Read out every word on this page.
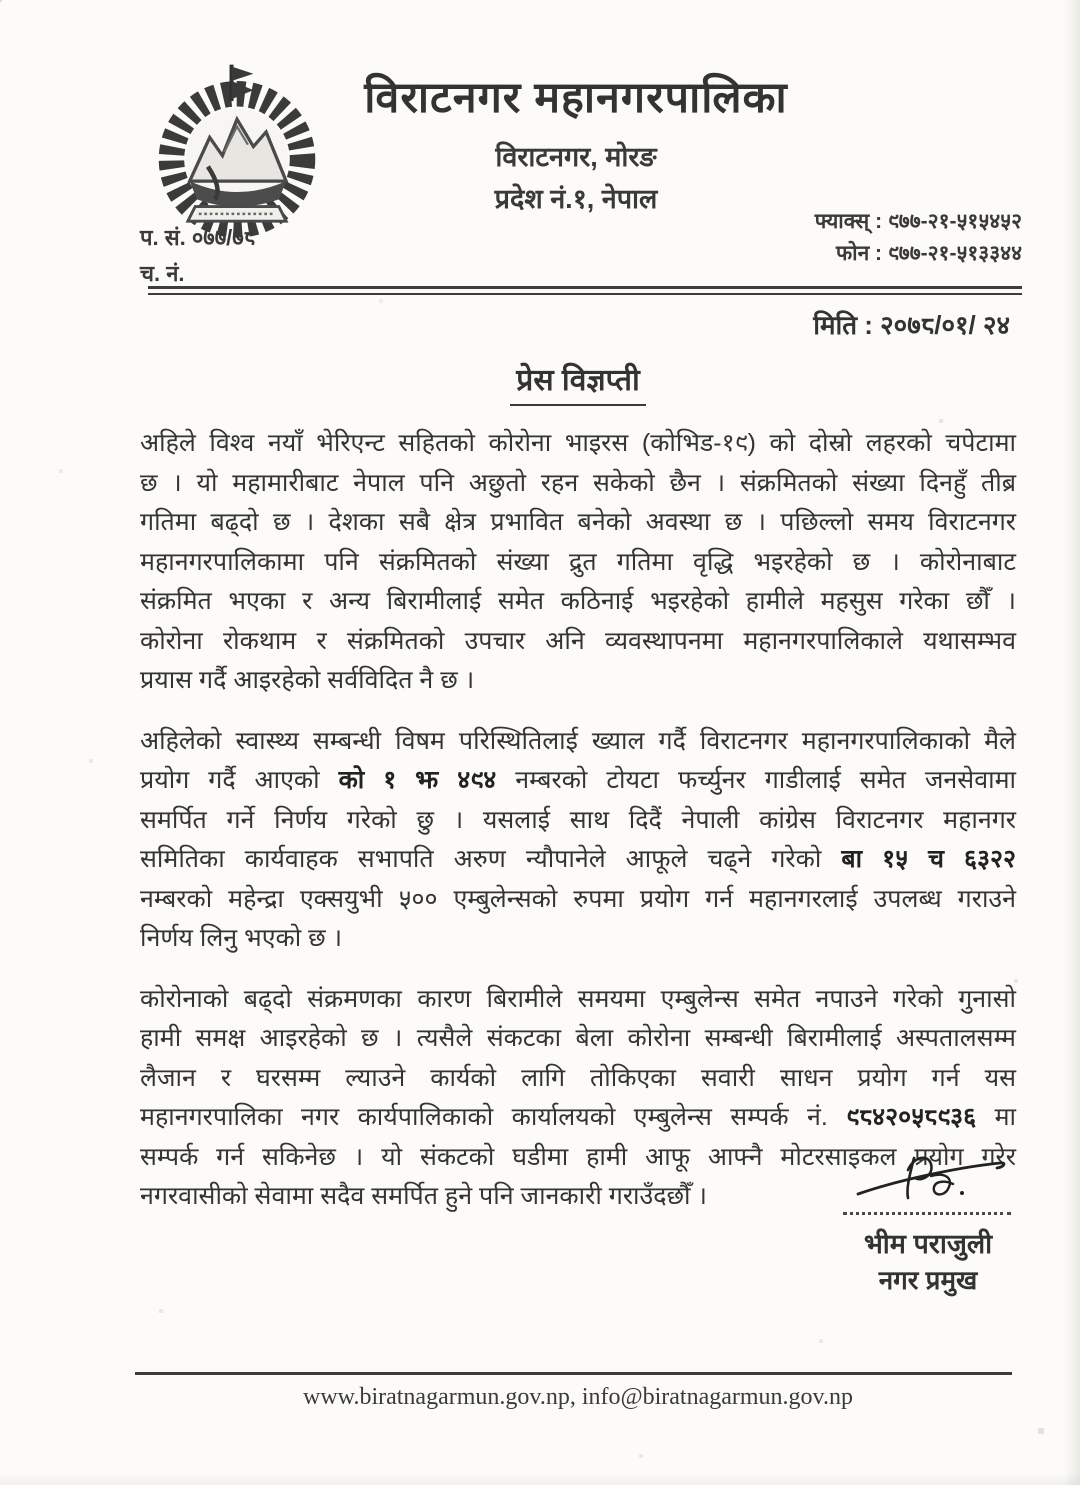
विराटनगर महानगरपालिका
विराटनगर, मोरङ
प्रदेश नं.१, नेपाल
प. सं. ०७७/७८
च. नं.
फ्याक्स् : ९७७-२१-५१५४५२
फोन : ९७७-२१-५१३३४४
मिति : २०७८/०१/ २४
प्रेस विज्ञप्ती
अहिले विश्व नयाँ भेरिएन्ट सहितको कोरोना भाइरस (कोभिड-१९) को दोस्रो लहरको चपेटामा
छ । यो महामारीबाट नेपाल पनि अछुतो रहन सकेको छैन । संक्रमितको संख्या दिनहुँ तीब्र
गतिमा बढ्दो छ । देशका सबै क्षेत्र प्रभावित बनेको अवस्था छ । पछिल्लो समय विराटनगर
महानगरपालिकामा पनि संक्रमितको संख्या द्रुत गतिमा वृद्धि भइरहेको छ । कोरोनाबाट
संक्रमित भएका र अन्य बिरामीलाई समेत कठिनाई भइरहेको हामीले महसुस गरेका छौँ ।
कोरोना रोकथाम र संक्रमितको उपचार अनि व्यवस्थापनमा महानगरपालिकाले यथासम्भव
प्रयास गर्दै आइरहेको सर्वविदित नै छ ।
अहिलेको स्वास्थ्य सम्बन्धी विषम परिस्थितिलाई ख्याल गर्दै विराटनगर महानगरपालिकाको मैले
प्रयोग गर्दै आएको को १ झ ४९४ नम्बरको टोयटा फर्च्युनर गाडीलाई समेत जनसेवामा
समर्पित गर्ने निर्णय गरेको छु । यसलाई साथ दिदैं नेपाली कांग्रेस विराटनगर महानगर
समितिका कार्यवाहक सभापति अरुण न्यौपानेले आफूले चढ्ने गरेको बा १५ च ६३२२
नम्बरको महेन्द्रा एक्सयुभी ५०० एम्बुलेन्सको रुपमा प्रयोग गर्न महानगरलाई उपलब्ध गराउने
निर्णय लिनु भएको छ ।
कोरोनाको बढ्दो संक्रमणका कारण बिरामीले समयमा एम्बुलेन्स समेत नपाउने गरेको गुनासो
हामी समक्ष आइरहेको छ । त्यसैले संकटका बेला कोरोना सम्बन्धी बिरामीलाई अस्पतालसम्म
लैजान र घरसम्म ल्याउने कार्यको लागि तोकिएका सवारी साधन प्रयोग गर्न यस
महानगरपालिका नगर कार्यपालिकाको कार्यालयको एम्बुलेन्स सम्पर्क नं. ९८४२०५८९३६ मा
सम्पर्क गर्न सकिनेछ । यो संकटको घडीमा हामी आफू आफ्नै मोटरसाइकल प्रयोग गरेर
नगरवासीको सेवामा सदैव समर्पित हुने पनि जानकारी गराउँदछौँ ।
भीम पराजुली
नगर प्रमुख
www.biratnagarmun.gov.np, info@biratnagarmun.gov.np
